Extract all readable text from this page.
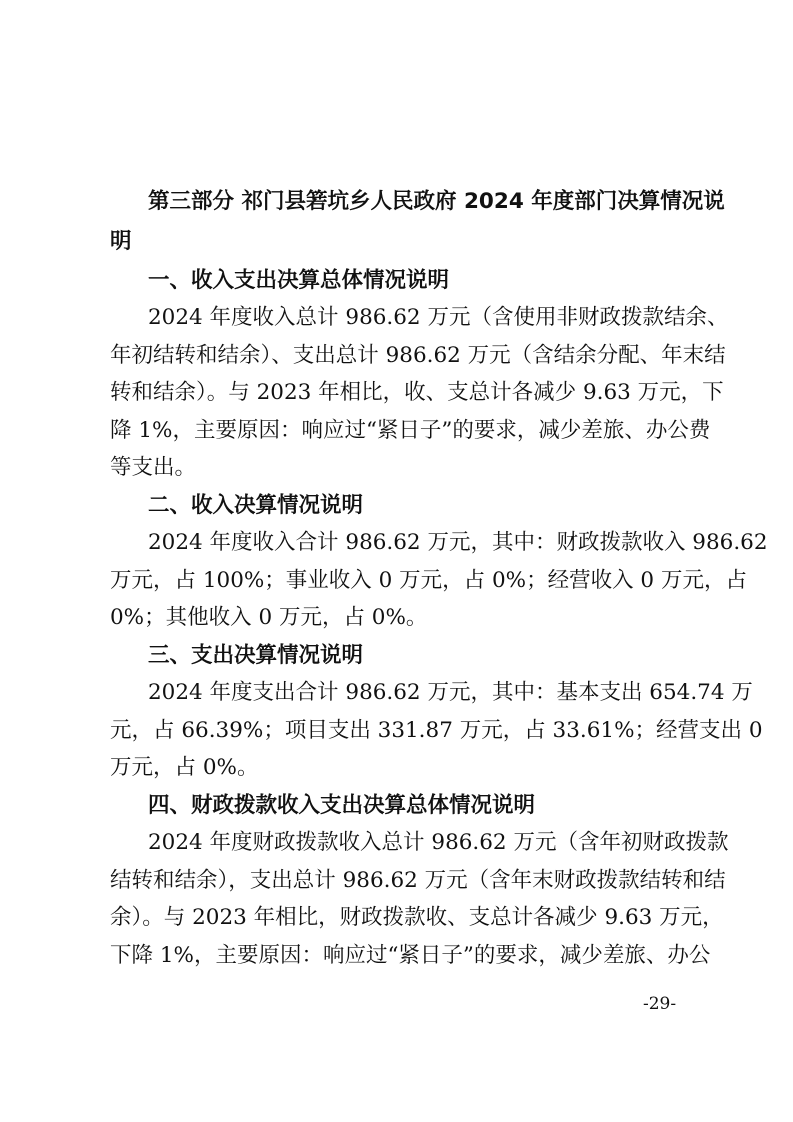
第三部分 祁门县箬坑乡人民政府 2024 年度部门决算情况说
明
一、收入支出决算总体情况说明
2024 年度收入总计 986.62 万元（含使用非财政拨款结余、
年初结转和结余）、支出总计 986.62 万元（含结余分配、年末结
转和结余）。与 2023 年相比，收、支总计各减少 9.63 万元，下
降 1%，主要原因：响应过“紧日子”的要求，减少差旅、办公费
等支出。
二、收入决算情况说明
2024 年度收入合计 986.62 万元，其中：财政拨款收入 986.62
万元，占 100%；事业收入 0 万元，占 0%；经营收入 0 万元，占
0%；其他收入 0 万元，占 0%。
三、支出决算情况说明
2024 年度支出合计 986.62 万元，其中：基本支出 654.74 万
元，占 66.39%；项目支出 331.87 万元，占 33.61%；经营支出 0
万元，占 0%。
四、财政拨款收入支出决算总体情况说明
2024 年度财政拨款收入总计 986.62 万元（含年初财政拨款
结转和结余），支出总计 986.62 万元（含年末财政拨款结转和结
余）。与 2023 年相比，财政拨款收、支总计各减少 9.63 万元，
下降 1%，主要原因：响应过“紧日子”的要求，减少差旅、办公
-29-
